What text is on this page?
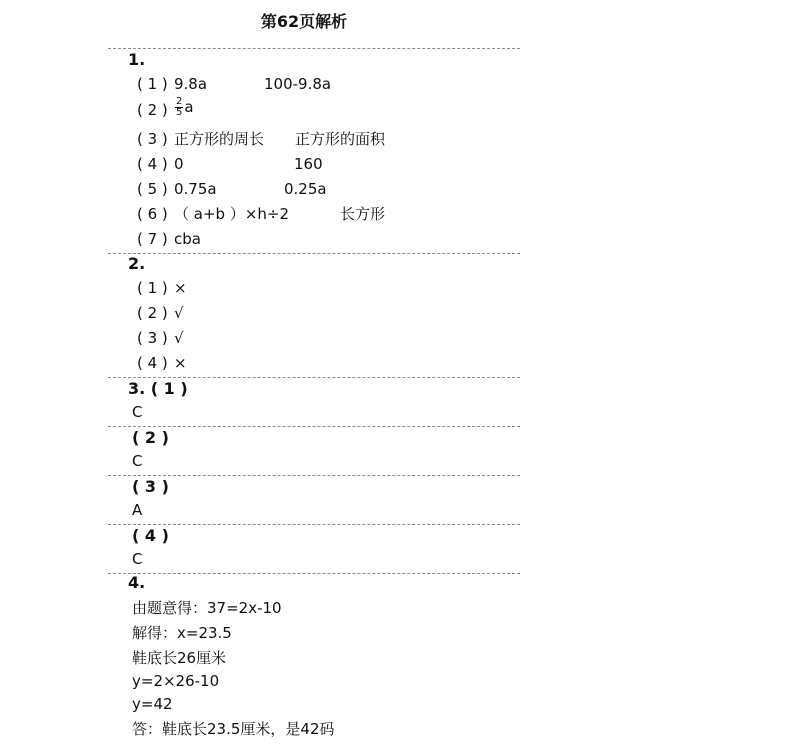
第62页解析
1.
( 1 ) 9.8a	100-9.8a
( 2 ) $\frac{2}{5}$ a
( 3 ) 正方形的周长 正方形的面积
( 4 ) 0	160
( 5 ) 0.75a	0.25a
( 6 ) （ a+b ）×h÷2	长方形
( 7 ) cba
2.
( 1 ) ×
( 2 ) √
( 3 ) √
( 4 ) ×
3. ( 1 )
C
( 2 )
C
( 3 )
A
( 4 )
C
4.
由题意得：37=2x-10
解得：x=23.5
鞋底长26厘米
y=2×26-10
y=42
答：鞋底长23.5厘米，是42码
